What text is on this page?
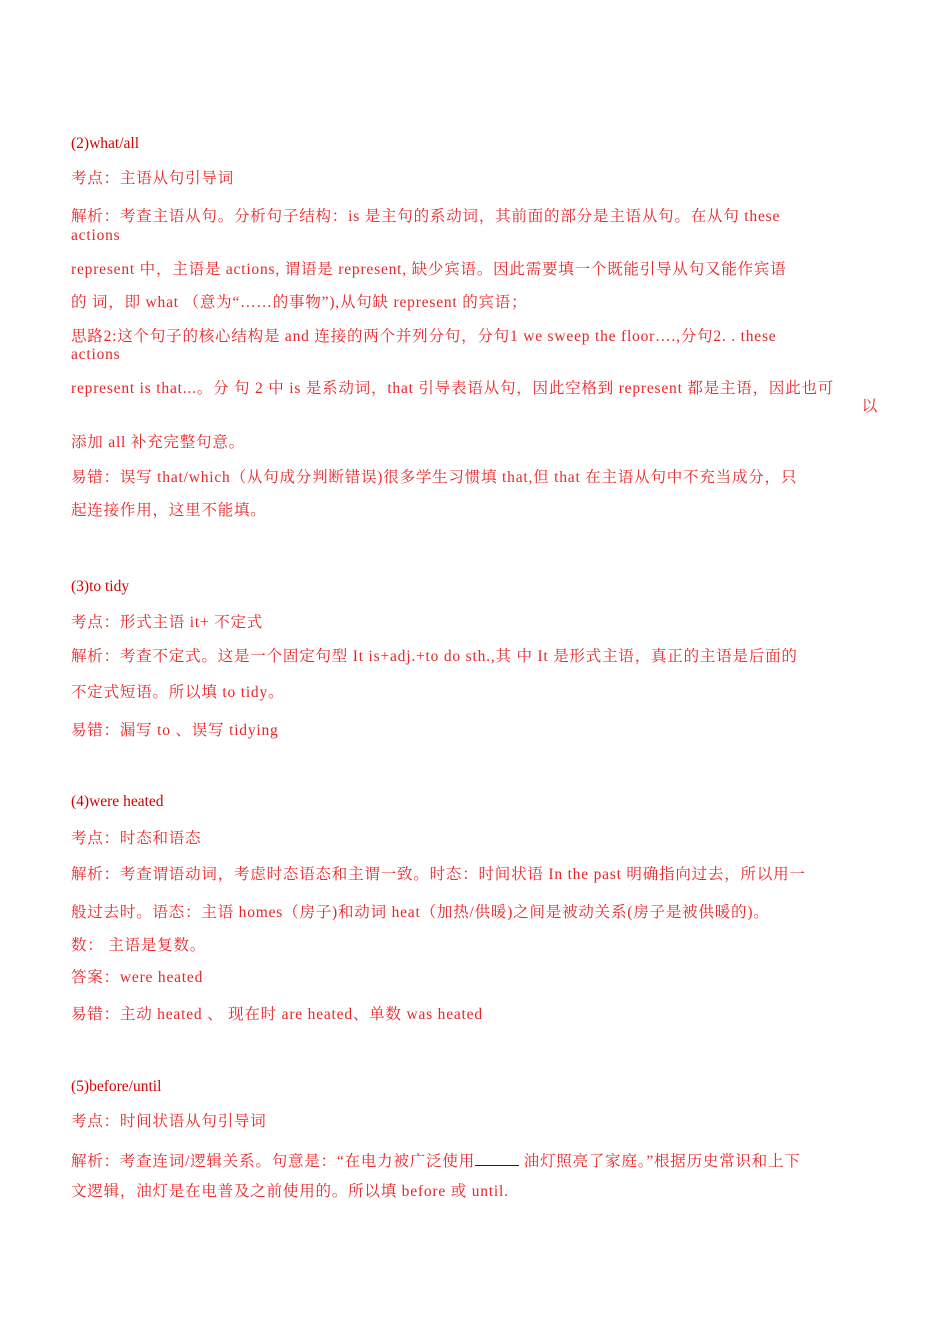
(2)what/all
考点：主语从句引导词
解析：考查主语从句。分析句子结构：is 是主句的系动词，其前面的部分是主语从句。在从句 these
actions
represent 中，主语是 actions, 谓语是 represent, 缺少宾语。因此需要填一个既能引导从句又能作宾语
的 词，即 what （意为“……的事物”),从句缺 represent 的宾语；
思路2:这个句子的核心结构是 and 连接的两个并列分句，分句1 we sweep the floor….,分句2. . these
actions
represent is that...。分 句 2 中 is 是系动词，that 引导表语从句，因此空格到 represent 都是主语，因此也可
以
添加 all 补充完整句意。
易错：误写 that/which（从句成分判断错误)很多学生习惯填 that,但 that 在主语从句中不充当成分，只
起连接作用，这里不能填。
(3)to tidy
考点：形式主语 it+ 不定式
解析：考查不定式。这是一个固定句型 It is+adj.+to do sth.,其 中 It 是形式主语，真正的主语是后面的
不定式短语。所以填 to tidy。
易错：漏写 to 、误写 tidying
(4)were heated
考点：时态和语态
解析：考查谓语动词，考虑时态语态和主谓一致。时态：时间状语 In the past 明确指向过去，所以用一
般过去时。语态：主语 homes（房子)和动词 heat（加热/供暖)之间是被动关系(房子是被供暖的)。
数： 主语是复数。
答案：were heated
易错：主动 heated 、 现在时 are heated、单数 was heated
(5)before/until
考点：时间状语从句引导词
解析：考查连词/逻辑关系。句意是：“在电力被广泛使用	油灯照亮了家庭。”根据历史常识和上下
文逻辑，油灯是在电普及之前使用的。所以填 before 或 until.
